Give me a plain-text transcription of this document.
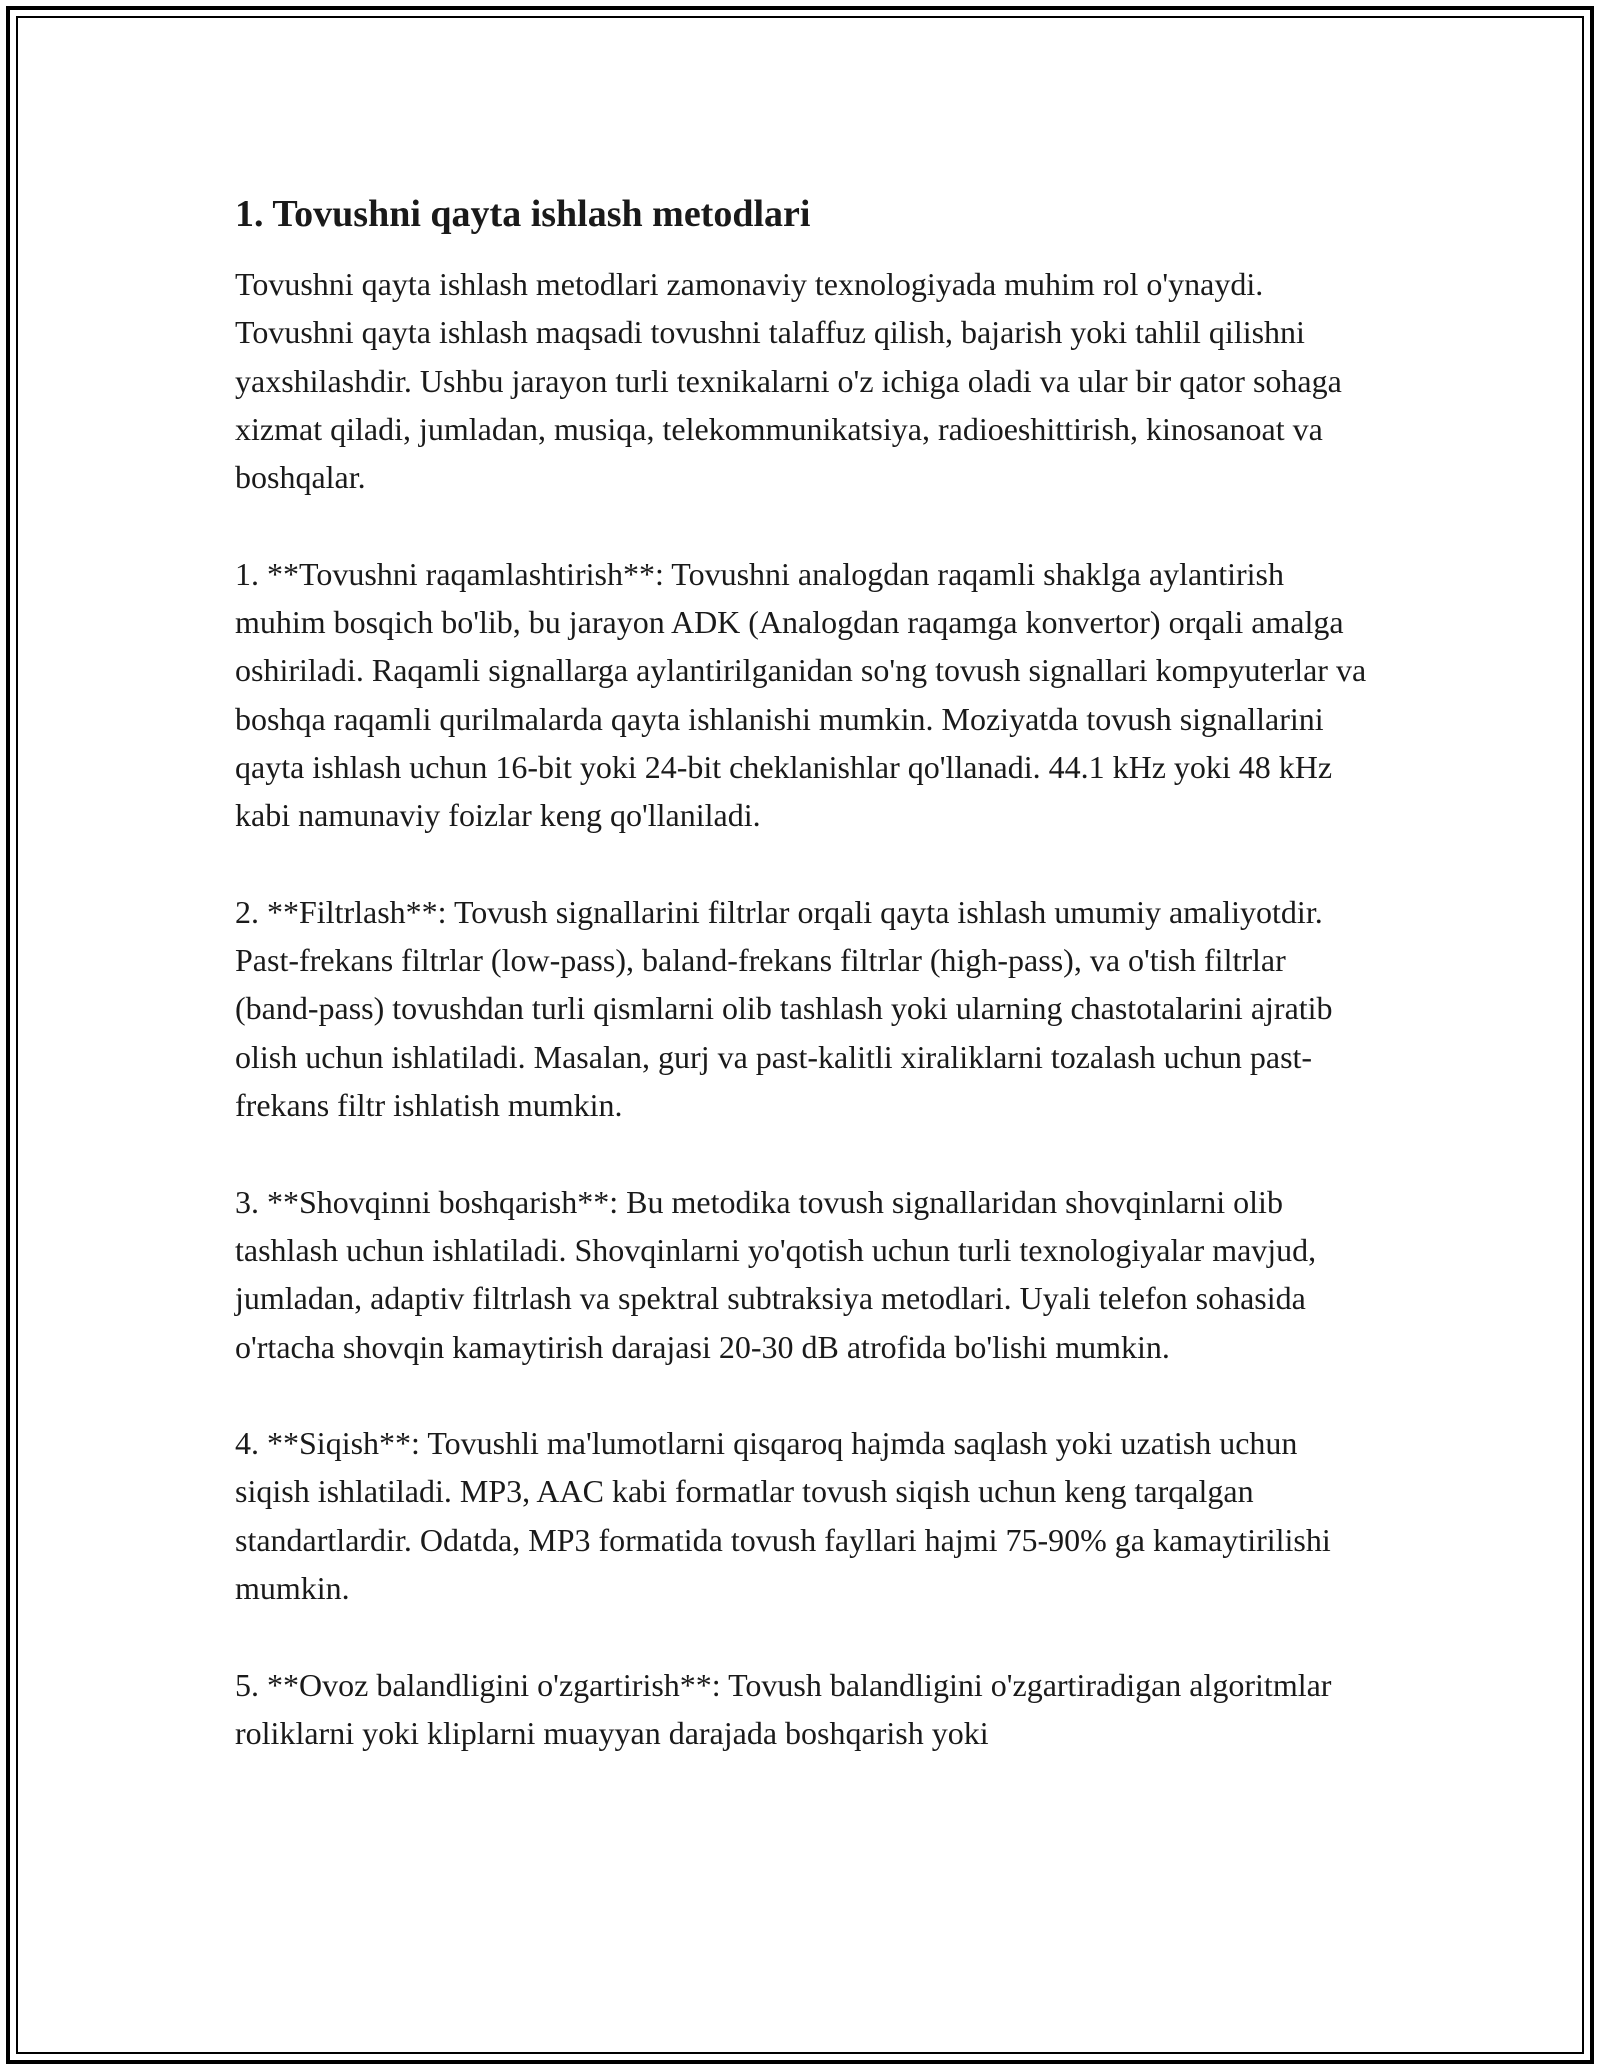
1. Tovushni qayta ishlash metodlari

Tovushni qayta ishlash metodlari zamonaviy texnologiyada muhim rol o'ynaydi. Tovushni qayta ishlash maqsadi tovushni talaffuz qilish, bajarish yoki tahlil qilishni yaxshilashdir. Ushbu jarayon turli texnikalarni o'z ichiga oladi va ular bir qator sohaga xizmat qiladi, jumladan, musiqa, telekommunikatsiya, radioeshittirish, kinosanoat va boshqalar.

1. **Tovushni raqamlashtirish**: Tovushni analogdan raqamli shaklga aylantirish muhim bosqich bo'lib, bu jarayon ADK (Analogdan raqamga konvertor) orqali amalga oshiriladi. Raqamli signallarga aylantirilganidan so'ng tovush signallari kompyuterlar va boshqa raqamli qurilmalarda qayta ishlanishi mumkin. Moziyatda tovush signallarini qayta ishlash uchun 16-bit yoki 24-bit cheklanishlar qo'llanadi. 44.1 kHz yoki 48 kHz kabi namunaviy foizlar keng qo'llaniladi.

2. **Filtrlash**: Tovush signallarini filtrlar orqali qayta ishlash umumiy amaliyotdir. Past-frekans filtrlar (low-pass), baland-frekans filtrlar (high-pass), va o'tish filtrlar (band-pass) tovushdan turli qismlarni olib tashlash yoki ularning chastotalarini ajratib olish uchun ishlatiladi. Masalan, gurj va past-kalitli xiraliklarni tozalash uchun past-frekans filtr ishlatish mumkin.

3. **Shovqinni boshqarish**: Bu metodika tovush signallaridan shovqinlarni olib tashlash uchun ishlatiladi. Shovqinlarni yo'qotish uchun turli texnologiyalar mavjud, jumladan, adaptiv filtrlash va spektral subtraksiya metodlari. Uyali telefon sohasida o'rtacha shovqin kamaytirish darajasi 20-30 dB atrofida bo'lishi mumkin.

4. **Siqish**: Tovushli ma'lumotlarni qisqaroq hajmda saqlash yoki uzatish uchun siqish ishlatiladi. MP3, AAC kabi formatlar tovush siqish uchun keng tarqalgan standartlardir. Odatda, MP3 formatida tovush fayllari hajmi 75-90% ga kamaytirilishi mumkin.

5. **Ovoz balandligini o'zgartirish**: Tovush balandligini o'zgartiradigan algoritmlar roliklarni yoki kliplarni muayyan darajada boshqarish yoki
